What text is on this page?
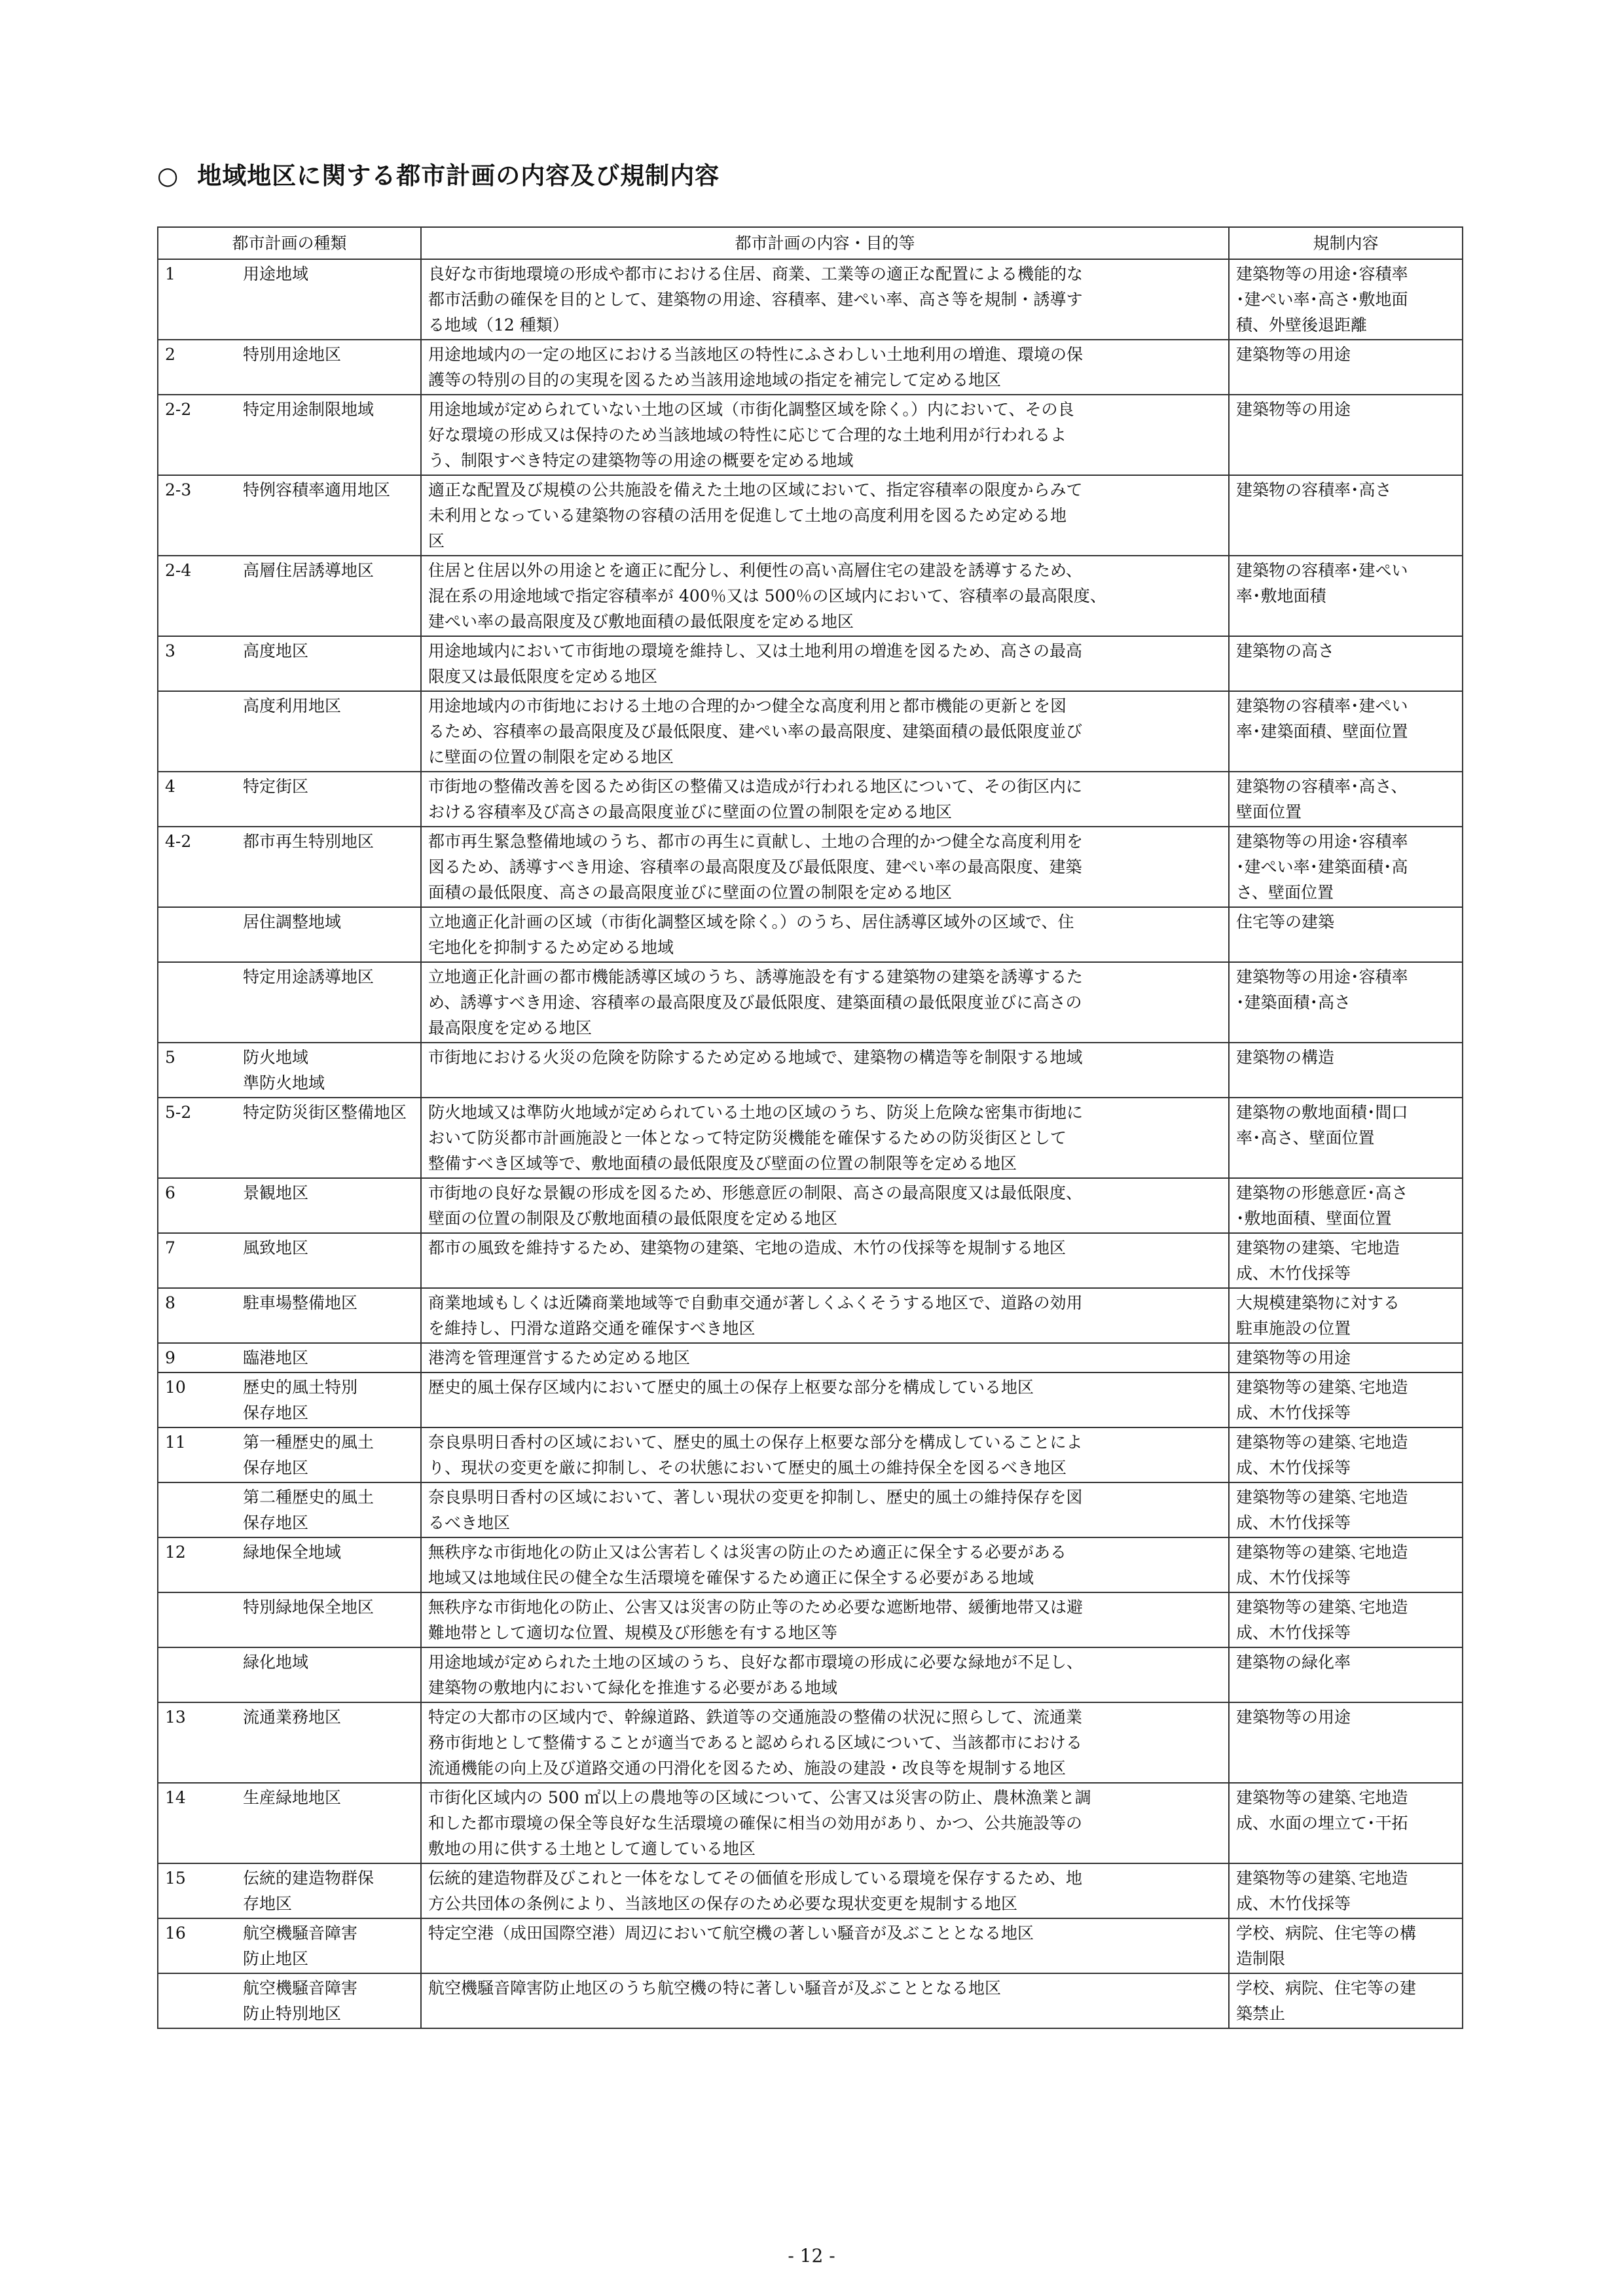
○ 地域地区に関する都市計画の内容及び規制内容
都市計画の種類		都市計画の内容・目的等	規制内容

1	用途地域	良好な市街地環境の形成や都市における住居、商業、工業等の適正な配置による機能的な
都市活動の確保を目的として、建築物の用途、容積率、建ぺい率、高さ等を規制・誘導す
る地域（12 種類）	建築物等の用途･容積率
･建ぺい率･高さ･敷地面
積、外壁後退距離

2	特別用途地区	用途地域内の一定の地区における当該地区の特性にふさわしい土地利用の増進、環境の保
護等の特別の目的の実現を図るため当該用途地域の指定を補完して定める地区	建築物等の用途

2-2	特定用途制限地域	用途地域が定められていない土地の区域（市街化調整区域を除く。）内において、その良
好な環境の形成又は保持のため当該地域の特性に応じて合理的な土地利用が行われるよ
う、制限すべき特定の建築物等の用途の概要を定める地域	建築物等の用途

2-3	特例容積率適用地区	適正な配置及び規模の公共施設を備えた土地の区域において、指定容積率の限度からみて
未利用となっている建築物の容積の活用を促進して土地の高度利用を図るため定める地
区	建築物の容積率･高さ

2-4	高層住居誘導地区	住居と住居以外の用途とを適正に配分し、利便性の高い高層住宅の建設を誘導するため、
混在系の用途地域で指定容積率が 400％又は 500％の区域内において、容積率の最高限度、
建ぺい率の最高限度及び敷地面積の最低限度を定める地区	建築物の容積率･建ぺい
率･敷地面積

3	高度地区	用途地域内において市街地の環境を維持し、又は土地利用の増進を図るため、高さの最高
限度又は最低限度を定める地区	建築物の高さ

	高度利用地区	用途地域内の市街地における土地の合理的かつ健全な高度利用と都市機能の更新とを図
るため、容積率の最高限度及び最低限度、建ぺい率の最高限度、建築面積の最低限度並び
に壁面の位置の制限を定める地区	建築物の容積率･建ぺい
率･建築面積、壁面位置

4	特定街区	市街地の整備改善を図るため街区の整備又は造成が行われる地区について、その街区内に
おける容積率及び高さの最高限度並びに壁面の位置の制限を定める地区	建築物の容積率･高さ、
壁面位置

4-2	都市再生特別地区	都市再生緊急整備地域のうち、都市の再生に貢献し、土地の合理的かつ健全な高度利用を
図るため、誘導すべき用途、容積率の最高限度及び最低限度、建ぺい率の最高限度、建築
面積の最低限度、高さの最高限度並びに壁面の位置の制限を定める地区	建築物等の用途･容積率
･建ぺい率･建築面積･高
さ、壁面位置

	居住調整地域	立地適正化計画の区域（市街化調整区域を除く。）のうち、居住誘導区域外の区域で、住
宅地化を抑制するため定める地域	住宅等の建築

	特定用途誘導地区	立地適正化計画の都市機能誘導区域のうち、誘導施設を有する建築物の建築を誘導するた
め、誘導すべき用途、容積率の最高限度及び最低限度、建築面積の最低限度並びに高さの
最高限度を定める地区	建築物等の用途･容積率
･建築面積･高さ

5	防火地域
準防火地域	市街地における火災の危険を防除するため定める地域で、建築物の構造等を制限する地域	建築物の構造

5-2	特定防災街区整備地区	防火地域又は準防火地域が定められている土地の区域のうち、防災上危険な密集市街地に
おいて防災都市計画施設と一体となって特定防災機能を確保するための防災街区として
整備すべき区域等で、敷地面積の最低限度及び壁面の位置の制限等を定める地区	建築物の敷地面積･間口
率･高さ、壁面位置

6	景観地区	市街地の良好な景観の形成を図るため、形態意匠の制限、高さの最高限度又は最低限度、
壁面の位置の制限及び敷地面積の最低限度を定める地区	建築物の形態意匠･高さ
･敷地面積、壁面位置

7	風致地区	都市の風致を維持するため、建築物の建築、宅地の造成、木竹の伐採等を規制する地区	建築物の建築、宅地造
成、木竹伐採等

8	駐車場整備地区	商業地域もしくは近隣商業地域等で自動車交通が著しくふくそうする地区で、道路の効用
を維持し、円滑な道路交通を確保すべき地区	大規模建築物に対する
駐車施設の位置

9	臨港地区	港湾を管理運営するため定める地区	建築物等の用途

10	歴史的風土特別
保存地区	歴史的風土保存区域内において歴史的風土の保存上枢要な部分を構成している地区	建築物等の建築､宅地造
成、木竹伐採等

11	第一種歴史的風土
保存地区	奈良県明日香村の区域において、歴史的風土の保存上枢要な部分を構成していることによ
り、現状の変更を厳に抑制し、その状態において歴史的風土の維持保全を図るべき地区	建築物等の建築､宅地造
成、木竹伐採等

	第二種歴史的風土
保存地区	奈良県明日香村の区域において、著しい現状の変更を抑制し、歴史的風土の維持保存を図
るべき地区	建築物等の建築､宅地造
成、木竹伐採等

12	緑地保全地域	無秩序な市街地化の防止又は公害若しくは災害の防止のため適正に保全する必要がある
地域又は地域住民の健全な生活環境を確保するため適正に保全する必要がある地域	建築物等の建築､宅地造
成、木竹伐採等

	特別緑地保全地区	無秩序な市街地化の防止、公害又は災害の防止等のため必要な遮断地帯、緩衝地帯又は避
難地帯として適切な位置、規模及び形態を有する地区等	建築物等の建築､宅地造
成、木竹伐採等

	緑化地域	用途地域が定められた土地の区域のうち、良好な都市環境の形成に必要な緑地が不足し、
建築物の敷地内において緑化を推進する必要がある地域	建築物の緑化率

13	流通業務地区	特定の大都市の区域内で、幹線道路、鉄道等の交通施設の整備の状況に照らして、流通業
務市街地として整備することが適当であると認められる区域について、当該都市における
流通機能の向上及び道路交通の円滑化を図るため、施設の建設・改良等を規制する地区	建築物等の用途

14	生産緑地地区	市街化区域内の 500 ㎡以上の農地等の区域について、公害又は災害の防止、農林漁業と調
和した都市環境の保全等良好な生活環境の確保に相当の効用があり、かつ、公共施設等の
敷地の用に供する土地として適している地区	建築物等の建築､宅地造
成、水面の埋立て･干拓

15	伝統的建造物群保
存地区	伝統的建造物群及びこれと一体をなしてその価値を形成している環境を保存するため、地
方公共団体の条例により、当該地区の保存のため必要な現状変更を規制する地区	建築物等の建築､宅地造
成、木竹伐採等

16	航空機騒音障害
防止地区	特定空港（成田国際空港）周辺において航空機の著しい騒音が及ぶこととなる地区	学校、病院、住宅等の構
造制限

	航空機騒音障害
防止特別地区	航空機騒音障害防止地区のうち航空機の特に著しい騒音が及ぶこととなる地区	学校、病院、住宅等の建
築禁止
- 12 -
